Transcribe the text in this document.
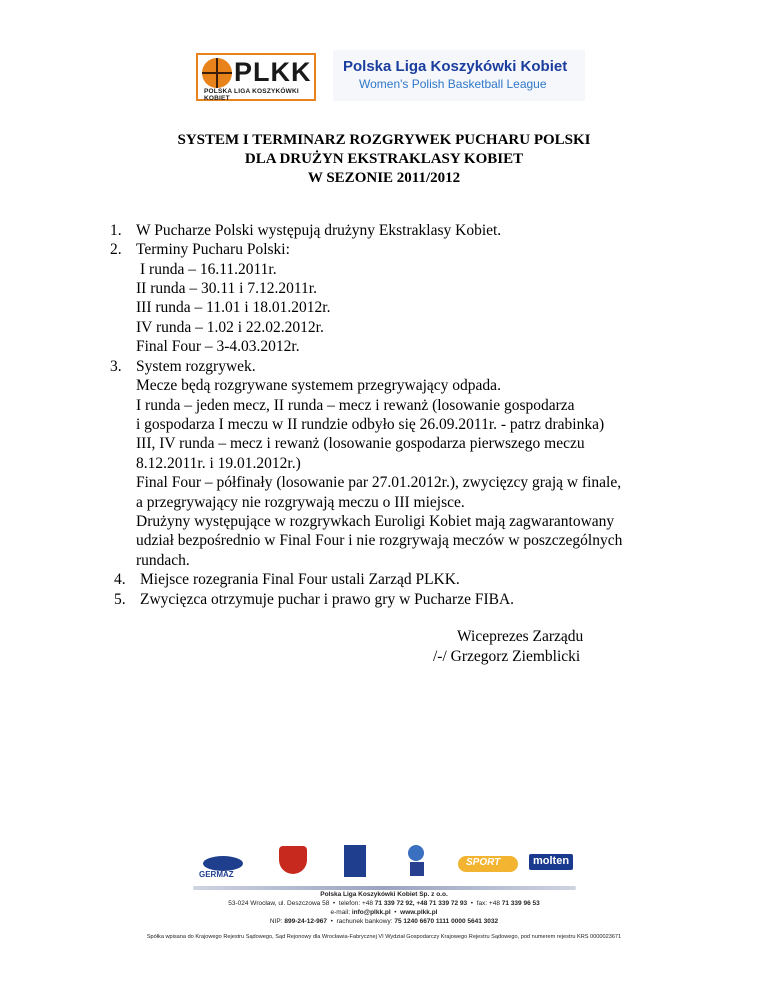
PLKK
POLSKA LIGA KOSZYKÓWKI KOBIET
Polska Liga Koszykówki Kobiet
Women's Polish Basketball League
SYSTEM I TERMINARZ ROZGRYWEK PUCHARU POLSKI
DLA DRUŻYN EKSTRAKLASY KOBIET
W SEZONIE 2011/2012
1. W Pucharze Polski występują drużyny Ekstraklasy Kobiet.
2. Terminy Pucharu Polski:
I runda – 16.11.2011r.
II runda – 30.11 i 7.12.2011r.
III runda – 11.01 i 18.01.2012r.
IV runda – 1.02 i 22.02.2012r.
Final Four – 3-4.03.2012r.
3. System rozgrywek.
Mecze będą rozgrywane systemem przegrywający odpada.
I runda – jeden mecz, II runda – mecz i rewanż (losowanie gospodarza
i gospodarza I meczu w II rundzie odbyło się 26.09.2011r. - patrz drabinka)
III, IV runda – mecz i rewanż (losowanie gospodarza pierwszego meczu
8.12.2011r. i 19.01.2012r.)
Final Four – półfinały (losowanie par 27.01.2012r.), zwycięzcy grają w finale,
a przegrywający nie rozgrywają meczu o III miejsce.
Drużyny występujące w rozgrywkach Euroligi Kobiet mają zagwarantowany
udział bezpośrednio w Final Four i nie rozgrywają meczów w poszczególnych
rundach.
4. Miejsce rozegrania Final Four ustali Zarząd PLKK.
5. Zwycięzca otrzymuje puchar i prawo gry w Pucharze FIBA.
Wiceprezes Zarządu
/-/ Grzegorz Ziemblicki
GERMAZ
SPORT	molten
Polska Liga Koszykówki Kobiet Sp. z o.o.
53-024 Wrocław, ul. Deszczowa 58  •  telefon: +48 71 339 72 92, +48 71 339 72 93  •  fax: +48 71 339 96 53
e-mail: info@plkk.pl  •  www.plkk.pl
NIP: 899-24-12-967  •  rachunek bankowy: 75 1240 6670 1111 0000 5641 3032
Spółka wpisana do Krajowego Rejestru Sądowego, Sąd Rejonowy dla Wrocławia-Fabrycznej VI Wydział Gospodarczy Krajowego Rejestru Sądowego, pod numerem rejestru KRS 0000023671
